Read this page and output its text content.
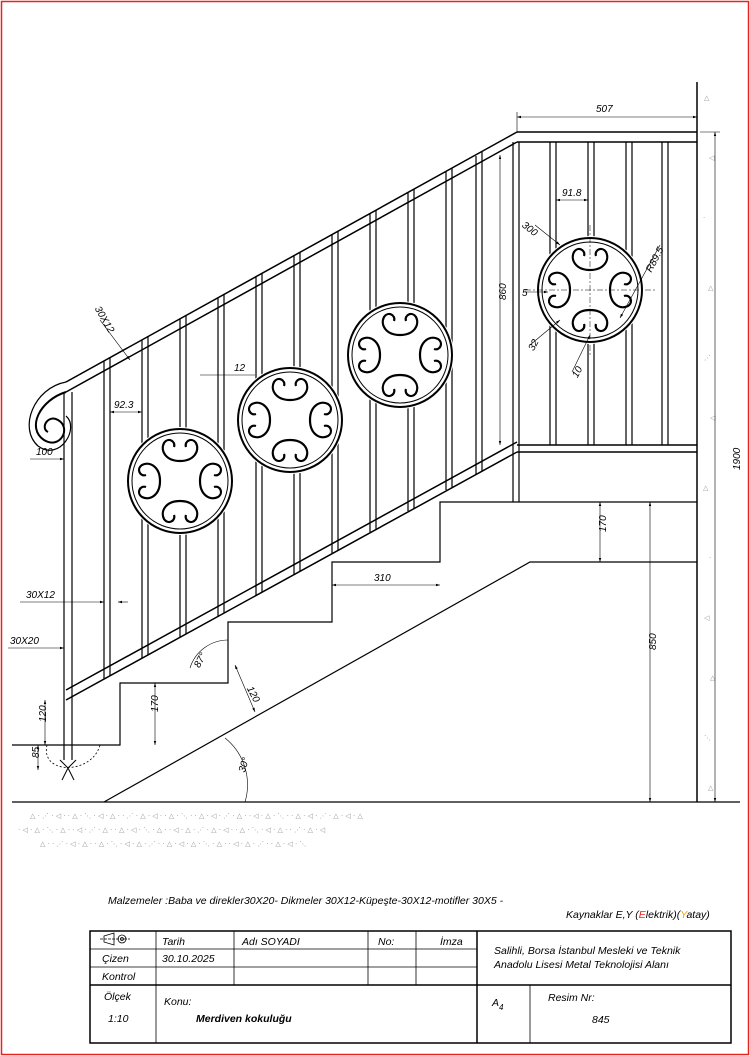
△ · ⋰ · ◁ · · △ · ⋱ · ◁ · △ · · ⋰ · △ · ◁ · · △ · ⋱ · · △ · ◁ · ⋰ · △ · · ◁ · △ · ⋱ · · △ · ◁ · ⋰ · △ · ◁ · △
· ◁ · △ · ⋱ · △ · · ◁ · ⋰ · △ · · △ · ◁ · ⋱ · △ · · ◁ · △ · ⋰ · △ · ◁ · · △ · ⋱ · ◁ · △ · · ⋰ · △ · ◁
△ · · ⋰ · ◁ · △ · · △ · ⋱ · ◁ · △ · ⋰ · · △ · ◁ · △ · ⋱ · △ · · ◁ · △ · ⋰ · · △ · ◁ · ⋱
△
◁
·
△
⋰
◁
△
·
◁
△
⋱
△
507
91.8
300
R89.5
5
32
10
860
1900
30X12
12
92.3
100
30X12
30X20
170
310
850
87°
120
170
120
85
30°
Malzemeler :Baba ve direkler30X20- Dikmeler 30X12-Küpeşte-30X12-motifler 30X5 -
Kaynaklar E,Y (Elektrik)(Yatay)
Tarih	Adı SOYADI	No:	İmza
Çizen	30.10.2025
Kontrol
Salihli, Borsa İstanbul Mesleki ve Teknik
Anadolu Lisesi Metal Teknolojisi Alanı
Ölçek
1:10
Konu:
Merdiven kokuluğu
$A_4$
Resim Nr:
845
